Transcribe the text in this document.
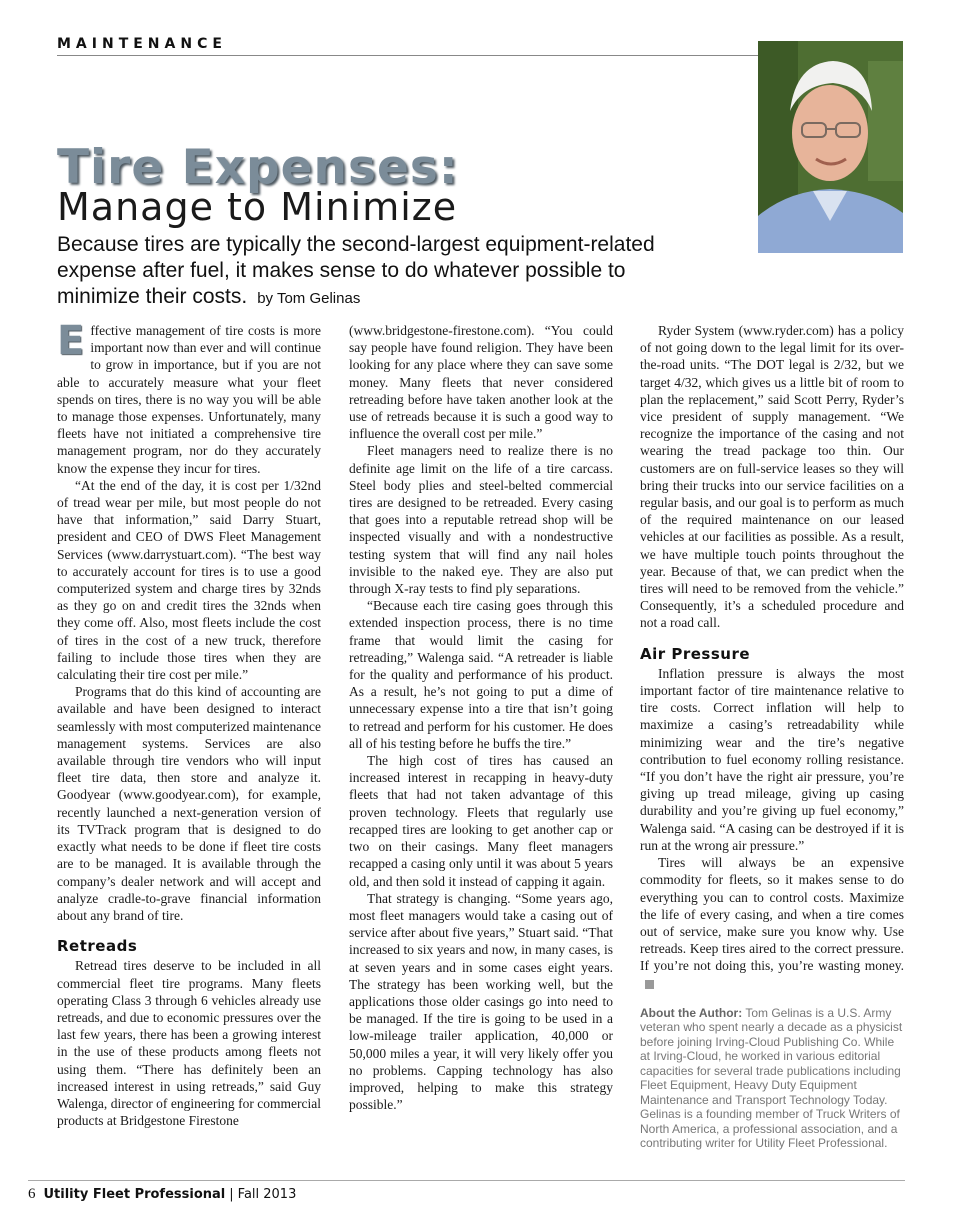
MAINTENANCE
Tire Expenses:
Manage to Minimize
Because tires are typically the second-largest equipment-related expense after fuel, it makes sense to do whatever possible to minimize their costs. by Tom Gelinas

Effective management of tire costs is more important now than ever and will continue to grow in importance, but if you are not able to accurately measure what your fleet spends on tires, there is no way you will be able to manage those expenses. Unfortunately, many fleets have not initiated a comprehensive tire management program, nor do they accurately know the expense they incur for tires.

“At the end of the day, it is cost per 1/32nd of tread wear per mile, but most people do not have that information,” said Darry Stuart, president and CEO of DWS Fleet Management Services (www.darrystuart.com). “The best way to accurately account for tires is to use a good computerized system and charge tires by 32nds as they go on and credit tires the 32nds when they come off. Also, most fleets include the cost of tires in the cost of a new truck, therefore failing to include those tires when they are calculating their tire cost per mile.”

Programs that do this kind of accounting are available and have been designed to interact seamlessly with most computerized maintenance management systems. Services are also available through tire vendors who will input fleet tire data, then store and analyze it. Goodyear (www.goodyear.com), for example, recently launched a next-generation version of its TVTrack program that is designed to do exactly what needs to be done if fleet tire costs are to be managed. It is available through the company’s dealer network and will accept and analyze cradle-to-grave financial information about any brand of tire.

Retreads

Retread tires deserve to be included in all commercial fleet tire programs. Many fleets operating Class 3 through 6 vehicles already use retreads, and due to economic pressures over the last few years, there has been a growing interest in the use of these products among fleets not using them. “There has definitely been an increased interest in using retreads,” said Guy Walenga, director of engineering for commercial products at Bridgestone Firestone

(www.bridgestone-firestone.com). “You could say people have found religion. They have been looking for any place where they can save some money. Many fleets that never considered retreading before have taken another look at the use of retreads because it is such a good way to influence the overall cost per mile.”

Fleet managers need to realize there is no definite age limit on the life of a tire carcass. Steel body plies and steel-belted commercial tires are designed to be retreaded. Every casing that goes into a reputable retread shop will be inspected visually and with a nondestructive testing system that will find any nail holes invisible to the naked eye. They are also put through X-ray tests to find ply separations.

“Because each tire casing goes through this extended inspection process, there is no time frame that would limit the casing for retreading,” Walenga said. “A retreader is liable for the quality and performance of his product. As a result, he’s not going to put a dime of unnecessary expense into a tire that isn’t going to retread and perform for his customer. He does all of his testing before he buffs the tire.”

The high cost of tires has caused an increased interest in recapping in heavy-duty fleets that had not taken advantage of this proven technology. Fleets that regularly use recapped tires are looking to get another cap or two on their casings. Many fleet managers recapped a casing only until it was about 5 years old, and then sold it instead of capping it again.

That strategy is changing. “Some years ago, most fleet managers would take a casing out of service after about five years,” Stuart said. “That increased to six years and now, in many cases, is at seven years and in some cases eight years. The strategy has been working well, but the applications those older casings go into need to be managed. If the tire is going to be used in a low-mileage trailer application, 40,000 or 50,000 miles a year, it will very likely offer you no problems. Capping technology has also improved, helping to make this strategy possible.”

Ryder System (www.ryder.com) has a policy of not going down to the legal limit for its over-the-road units. “The DOT legal is 2/32, but we target 4/32, which gives us a little bit of room to plan the replacement,” said Scott Perry, Ryder’s vice president of supply management. “We recognize the importance of the casing and not wearing the tread package too thin. Our customers are on full-service leases so they will bring their trucks into our service facilities on a regular basis, and our goal is to perform as much of the required maintenance on our leased vehicles at our facilities as possible. As a result, we have multiple touch points throughout the year. Because of that, we can predict when the tires will need to be removed from the vehicle.” Consequently, it’s a scheduled procedure and not a road call.

Air Pressure

Inflation pressure is always the most important factor of tire maintenance relative to tire costs. Correct inflation will help to maximize a casing’s retreadability while minimizing wear and the tire’s negative contribution to fuel economy rolling resistance. “If you don’t have the right air pressure, you’re giving up tread mileage, giving up casing durability and you’re giving up fuel economy,” Walenga said. “A casing can be destroyed if it is run at the wrong air pressure.”

Tires will always be an expensive commodity for fleets, so it makes sense to do everything you can to control costs. Maximize the life of every casing, and when a tire comes out of service, make sure you know why. Use retreads. Keep tires aired to the correct pressure. If you’re not doing this, you’re wasting money.

About the Author: Tom Gelinas is a U.S. Army veteran who spent nearly a decade as a physicist before joining Irving-Cloud Publishing Co. While at Irving-Cloud, he worked in various editorial capacities for several trade publications including Fleet Equipment, Heavy Duty Equipment Maintenance and Transport Technology Today. Gelinas is a founding member of Truck Writers of North America, a professional association, and a contributing writer for Utility Fleet Professional.
6 Utility Fleet Professional | Fall 2013
